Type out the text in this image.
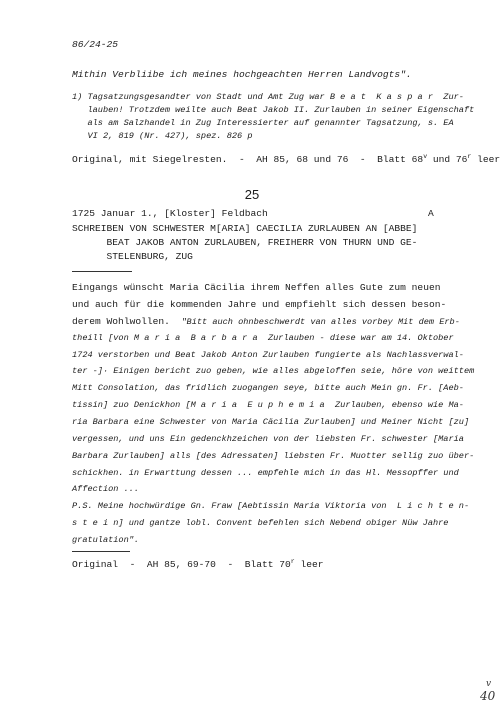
86/24-25
Mithin Verbliibe ich meines hochgeachten Herren Landvogts".
1) Tagsatzungsgesandter von Stadt und Amt Zug war B e a t  K a s p a r  Zur-
lauben! Trotzdem weilte auch Beat Jakob II. Zurlauben in seiner Eigenschaft
als am Salzhandel in Zug Interessierter auf genannter Tagsatzung, s. EA
VI 2, 819 (Nr. 427), spez. 826 p
Original, mit Siegelresten.  -  AH 85, 68 und 76  -  Blatt 68$^v$ und 76$^r$ leer
25
1725 Januar 1., [Kloster] Feldbach	A
SCHREIBEN VON SCHWESTER M[ARIA] CAECILIA ZURLAUBEN AN [ABBE]
BEAT JAKOB ANTON ZURLAUBEN, FREIHERR VON THURN UND GE-
STELENBURG, ZUG
Eingangs wünscht Maria Cäcilia ihrem Neffen alles Gute zum neuen
und auch für die kommenden Jahre und empfiehlt sich dessen beson-
derem Wohlwollen.  "Bitt auch ohnbeschwerdt van alles vorbey Mit dem Erb-
theill [von M a r i a  B a r b a r a  Zurlauben - diese war am 14. Oktober
1724 verstorben und Beat Jakob Anton Zurlauben fungierte als Nachlassverwal-
ter -]· Einigen bericht zuo geben, wie alles abgeloffen seie, höre von weittem
Mitt Consolation, das fridlich zuogangen seye, bitte auch Mein gn. Fr. [Aeb-
tissin] zuo Denickhon [M a r i a  E u p h e m i a  Zurlauben, ebenso wie Ma-
ria Barbara eine Schwester von Maria Cäcilia Zurlauben] und Meiner Nicht [zu]
vergessen, und uns Ein gedenckhzeichen von der liebsten Fr. schwester [Maria
Barbara Zurlauben] alls [des Adressaten] liebsten Fr. Muotter sellig zuo über-
schickhen. in Erwarttung dessen ... empfehle mich in das Hl. Messopffer und
Affection ...
P.S. Meine hochwürdige Gn. Fraw [Aebtissin Maria Viktoria von  L i c h t e n-
s t e i n] und gantze lobl. Convent befehlen sich Nebend obiger Nüw Jahre
gratulation".
Original  -  AH 85, 69-70  -  Blatt 70$^r$ leer
v
40
